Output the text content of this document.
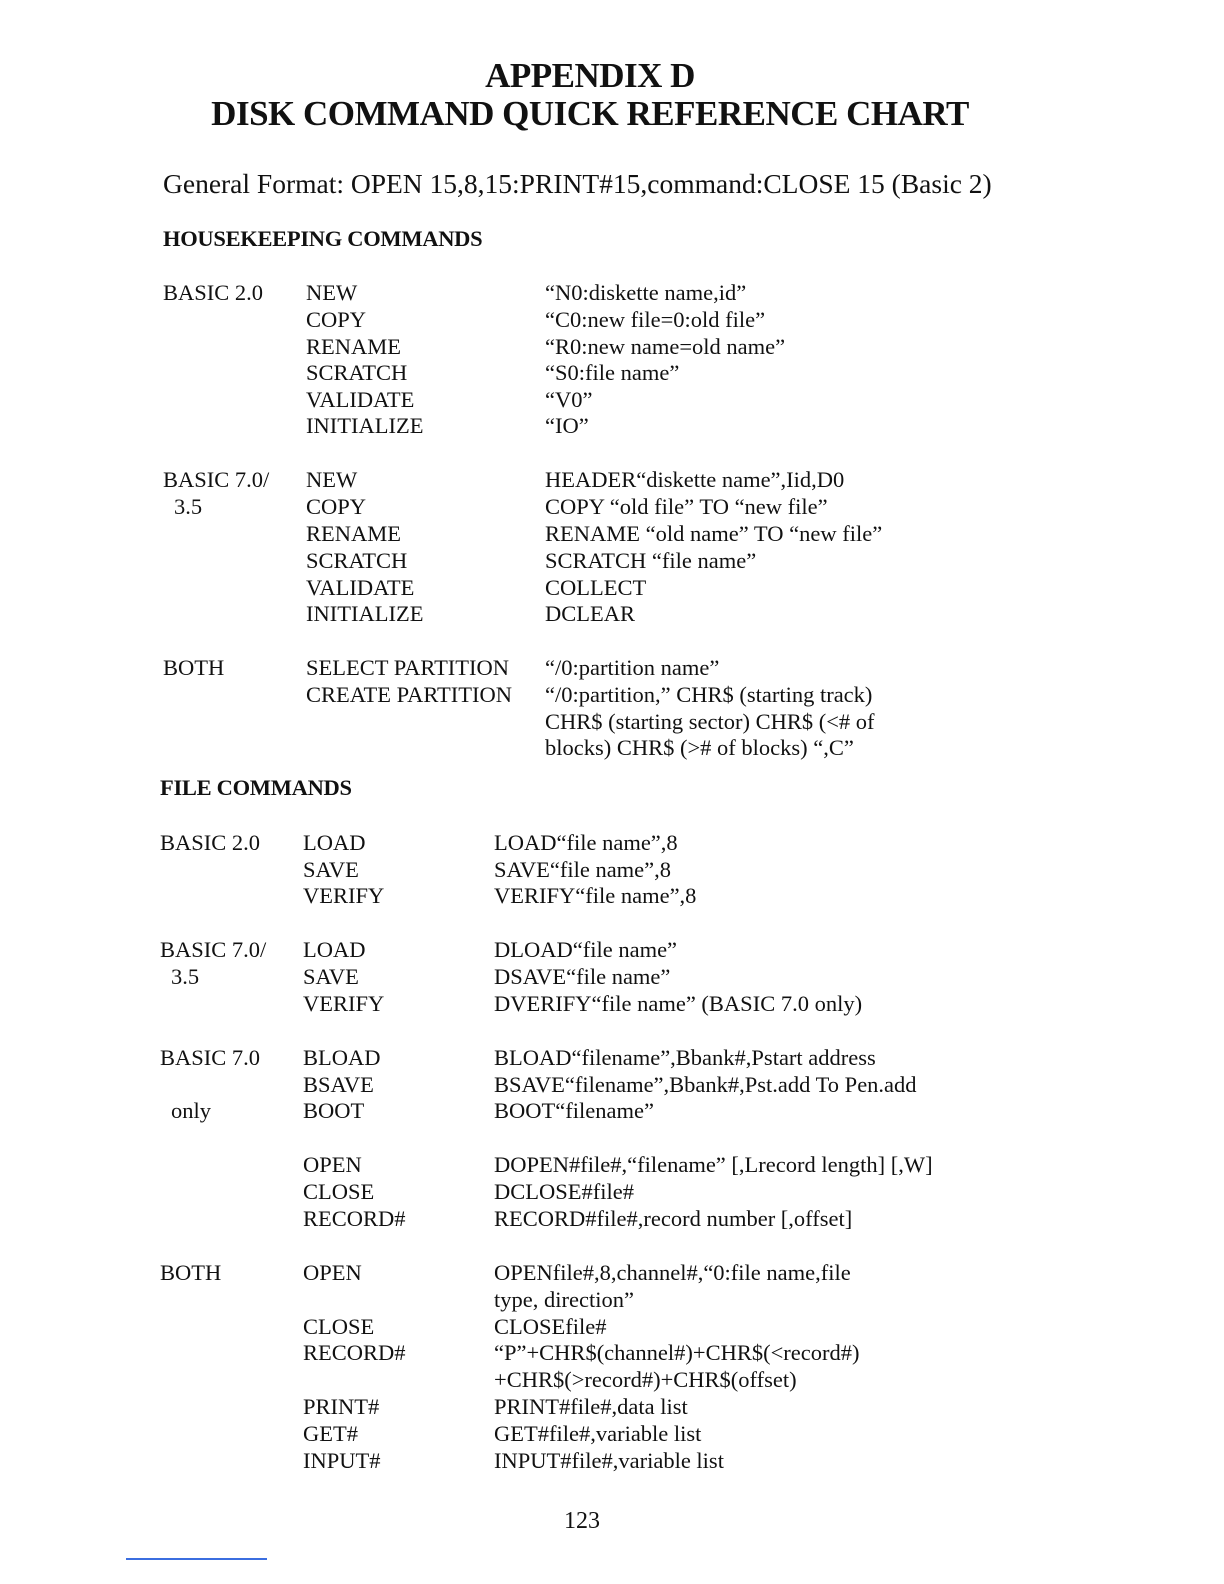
APPENDIX D
DISK COMMAND QUICK REFERENCE CHART
General Format: OPEN 15,8,15:PRINT#15,command:CLOSE 15 (Basic 2)
HOUSEKEEPING COMMANDS
BASIC 2.0 NEW	“N0:diskette name,id”
COPY	“C0:new file=0:old file”
RENAME	“R0:new name=old name”
SCRATCH	“S0:file name”
VALIDATE	“V0”
INITIALIZE	“IO”
BASIC 7.0/ NEW	HEADER“diskette name”,Iid,D0
3.5	COPY	COPY “old file” TO “new file”
RENAME	RENAME “old name” TO “new file”
SCRATCH	SCRATCH “file name”
VALIDATE	COLLECT
INITIALIZE	DCLEAR
BOTH	SELECT PARTITION “/0:partition name”
CREATE PARTITION “/0:partition,” CHR$ (starting track)
CHR$ (starting sector) CHR$ (<# of
blocks) CHR$ (># of blocks) “,C”
FILE COMMANDS
BASIC 2.0 LOAD	LOAD“file name”,8
SAVE	SAVE“file name”,8
VERIFY	VERIFY“file name”,8
BASIC 7.0/ LOAD	DLOAD“file name”
3.5	SAVE	DSAVE“file name”
VERIFY	DVERIFY“file name” (BASIC 7.0 only)
BASIC 7.0 BLOAD	BLOAD“filename”,Bbank#,Pstart address
BSAVE	BSAVE“filename”,Bbank#,Pst.add To Pen.add
only	BOOT	BOOT“filename”
OPEN	DOPEN#file#,“filename” [,Lrecord length] [,W]
CLOSE	DCLOSE#file#
RECORD#	RECORD#file#,record number [,offset]
BOTH	OPEN	OPENfile#,8,channel#,“0:file name,file
type, direction”
CLOSE	CLOSEfile#
RECORD#	“P”+CHR$(channel#)+CHR$(<record#)
+CHR$(>record#)+CHR$(offset)
PRINT#	PRINT#file#,data list
GET#	GET#file#,variable list
INPUT#	INPUT#file#,variable list
123
